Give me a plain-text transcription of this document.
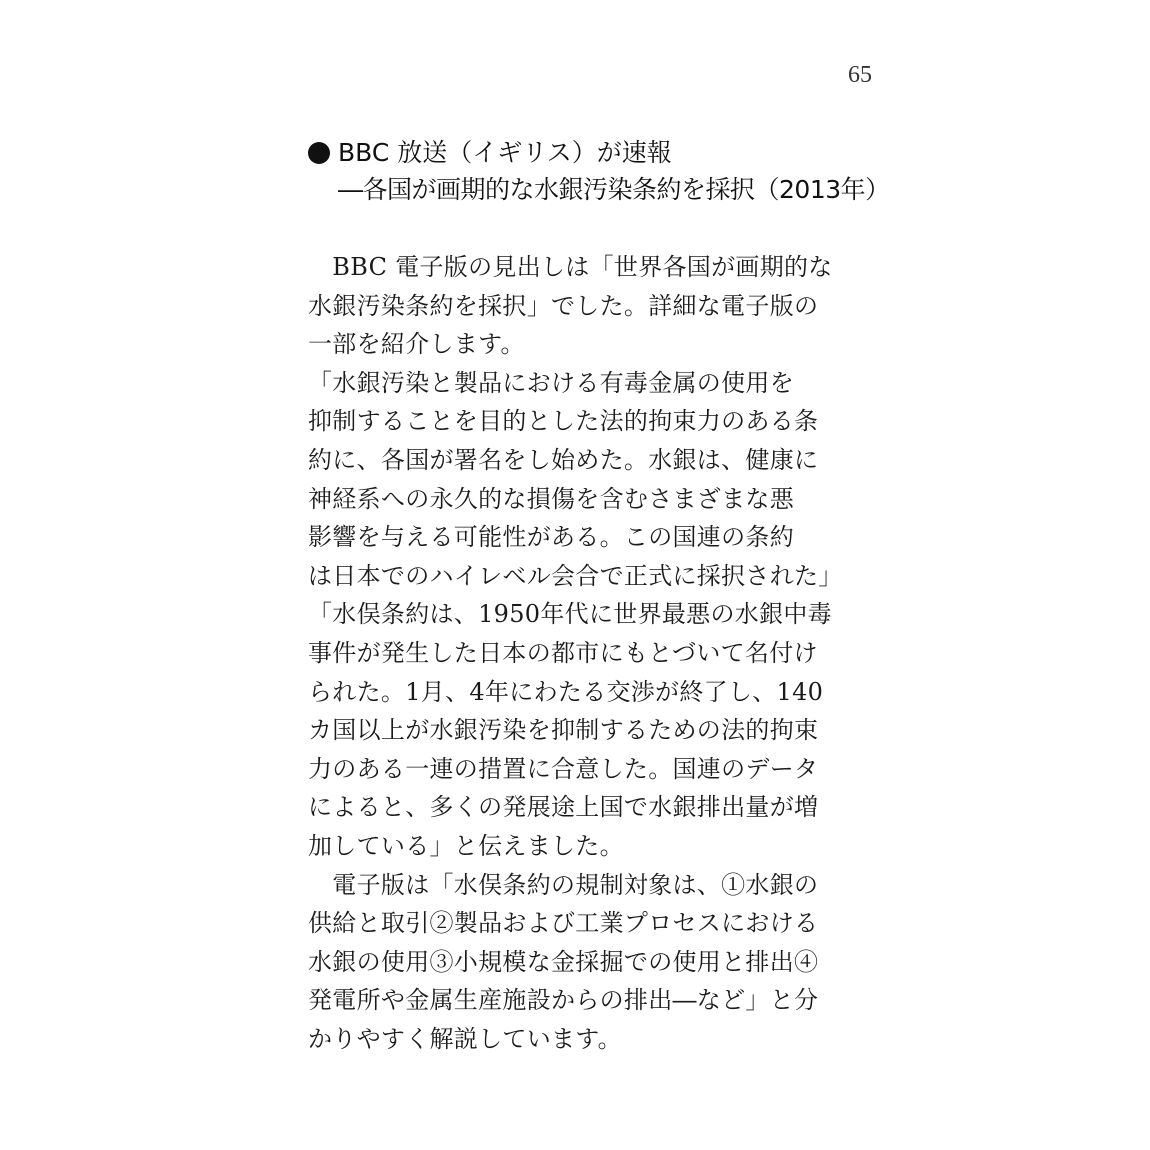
65
BBC 放送（イギリス）が速報
―各国が画期的な水銀汚染条約を採択（2013年）
　BBC 電子版の見出しは「世界各国が画期的な
水銀汚染条約を採択」でした。詳細な電子版の
一部を紹介します。
「水銀汚染と製品における有毒金属の使用を
抑制することを目的とした法的拘束力のある条
約に、各国が署名をし始めた。水銀は、健康に
神経系への永久的な損傷を含むさまざまな悪
影響を与える可能性がある。この国連の条約
は日本でのハイレベル会合で正式に採択された」
「水俣条約は、1950年代に世界最悪の水銀中毒
事件が発生した日本の都市にもとづいて名付け
られた。1月、4年にわたる交渉が終了し、140
カ国以上が水銀汚染を抑制するための法的拘束
力のある一連の措置に合意した。国連のデータ
によると、多くの発展途上国で水銀排出量が増
加している」と伝えました。
　電子版は「水俣条約の規制対象は、①水銀の
供給と取引②製品および工業プロセスにおける
水銀の使用③小規模な金採掘での使用と排出④
発電所や金属生産施設からの排出―など」と分
かりやすく解説しています。
